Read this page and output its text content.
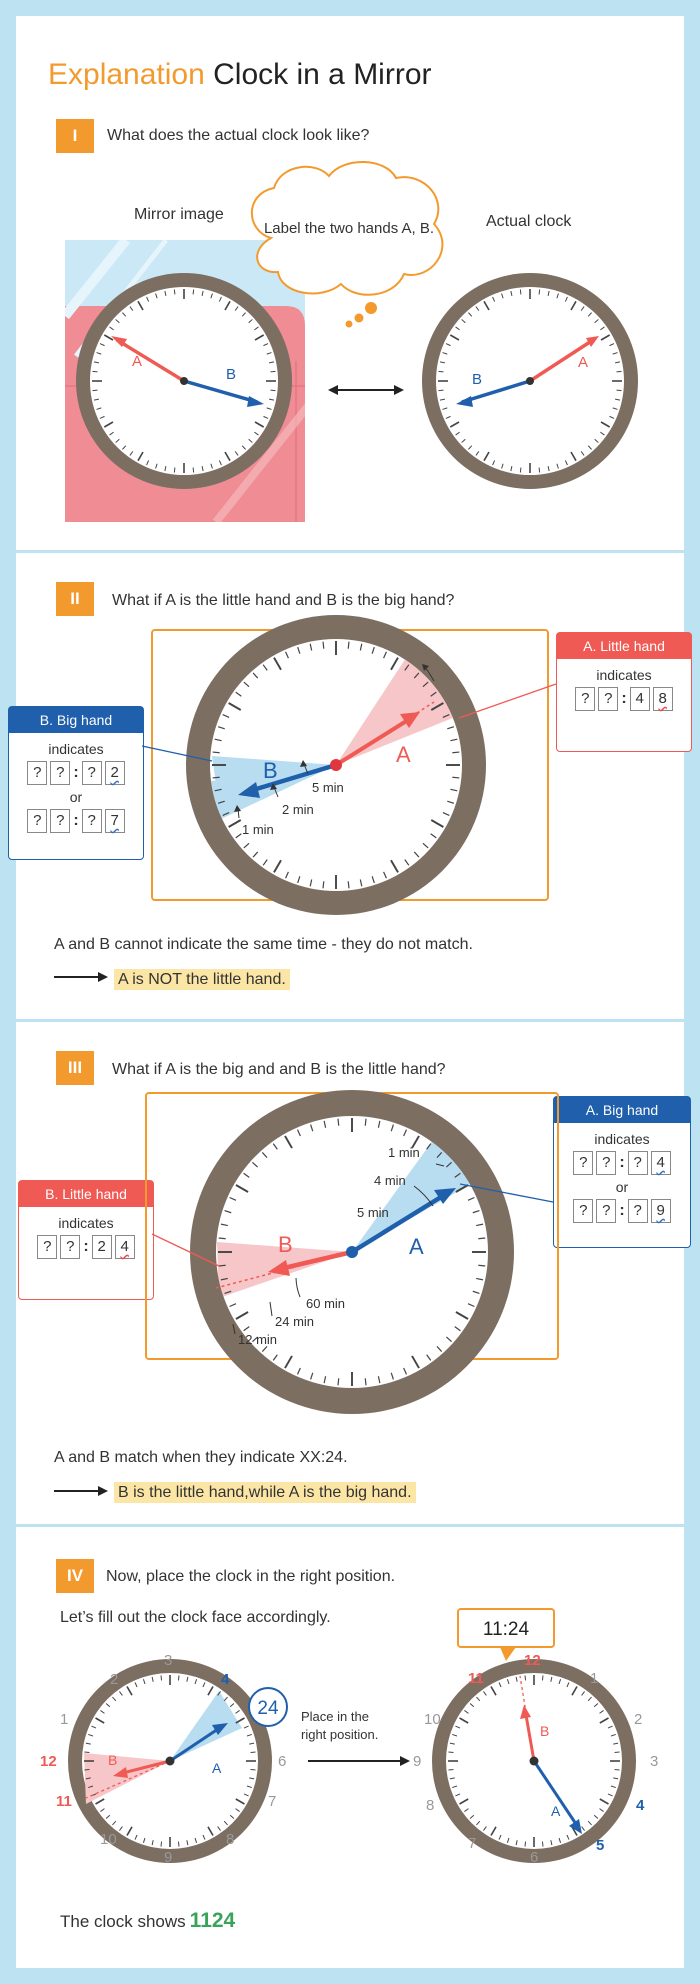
Explanation Clock in a Mirror
I	What does the actual clock look like?
Mirror image	Actual clock
II	What if A is the little hand and B is the big hand?
A. Little hand
indicates
? ? : 4 8
B. Big hand
indicates
? ? : ? 2
or
? ? : ? 7
A and B cannot indicate the same time - they do not match.
A is NOT the little hand.
III	What if A is the big and and B is the little hand?
A. Big hand
indicates
? ? : ? 4
or
? ? : ? 9
B. Little hand
indicates
? ? : 2 4
A and B match when they indicate XX:24.
B is the little hand,while A is the big hand.
IV	Now, place the clock in the right position.
Let’s fill out the clock face accordingly.
The clock shows 1124
A
B
Label the two hands A, B.
A
B
A
B
5 min
2 min
1 min
A
B
1 min
4 min
5 min
60 min
24 min
12 min
A
B
2
3
4
6
7
8
9
10
11
12
1
24 Place in the
right position.	B
A
12
1
2
3
4
5
6
7
8
9
10
11
11:24
